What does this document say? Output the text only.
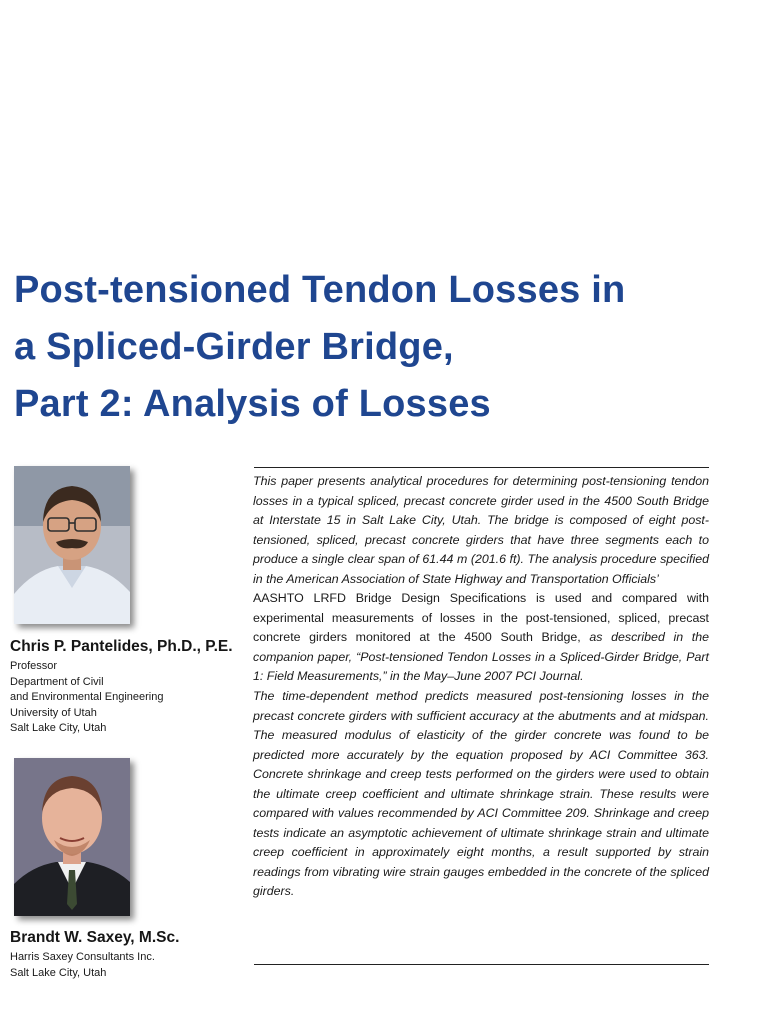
Post-tensioned Tendon Losses in
a Spliced-Girder Bridge,
Part 2: Analysis of Losses

Chris P. Pantelides, Ph.D., P.E.

Professor
Department of Civil
and Environmental Engineering
University of Utah
Salt Lake City, Utah

Brandt W. Saxey, M.Sc.

Harris Saxey Consultants Inc.
Salt Lake City, Utah

This paper presents analytical procedures for determining post-tensioning tendon losses in a typical spliced, precast concrete girder used in the 4500 South Bridge at Interstate 15 in Salt Lake City, Utah. The bridge is composed of eight post-tensioned, spliced, precast concrete girders that have three segments each to produce a single clear span of 61.44 m (201.6 ft). The analysis procedure specified in the American Association of State Highway and Transportation Officials’
AASHTO LRFD Bridge Design Specifications is used and compared with experimental measurements of losses in the post-tensioned, spliced, precast concrete girders monitored at the 4500 South Bridge, as described in the companion paper, “Post-tensioned Tendon Losses in a Spliced-Girder Bridge, Part 1: Field Measurements,” in the May–June 2007 PCI Journal.

The time-dependent method predicts measured post-tensioning losses in the precast concrete girders with sufficient accuracy at the abutments and at midspan. The measured modulus of elasticity of the girder concrete was found to be predicted more accurately by the equation proposed by ACI Committee 363. Concrete shrinkage and creep tests performed on the girders were used to obtain the ultimate creep coefficient and ultimate shrinkage strain. These results were compared with values recommended by ACI Committee 209. Shrinkage and creep tests indicate an asymptotic achievement of ultimate shrinkage strain and ultimate creep coefficient in approximately eight months, a result supported by strain readings from vibrating wire strain gauges embedded in the concrete of the spliced girders.
